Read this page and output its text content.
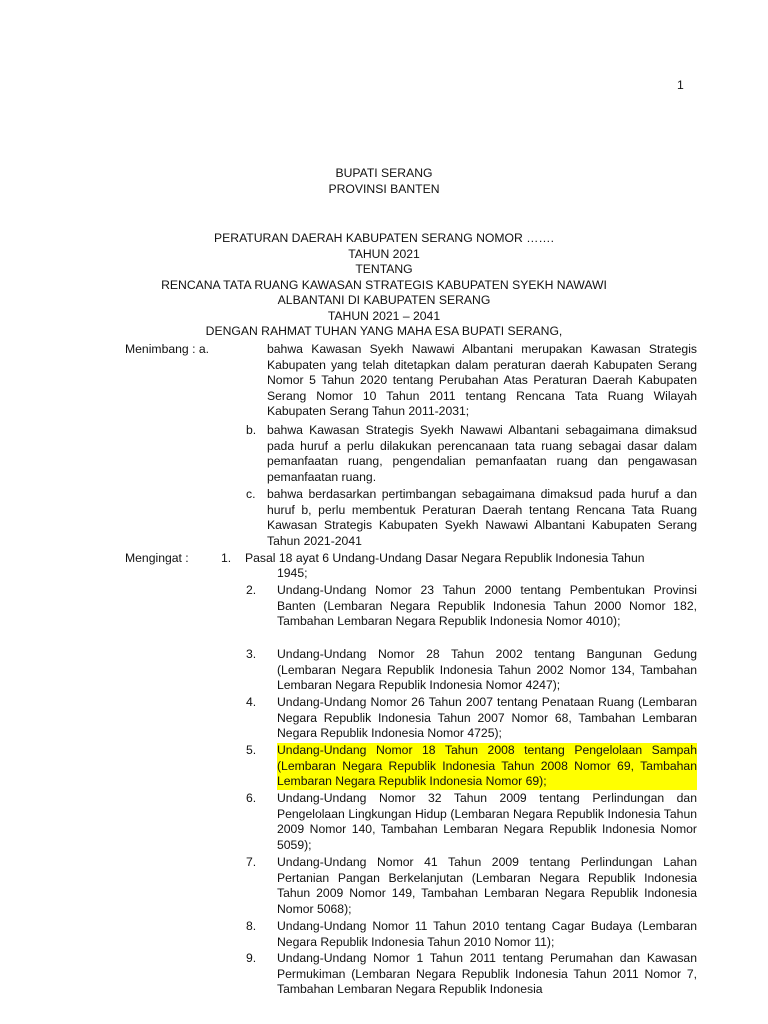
1
BUPATI SERANG
PROVINSI BANTEN
PERATURAN DAERAH KABUPATEN SERANG NOMOR …….
TAHUN 2021
TENTANG
RENCANA TATA RUANG KAWASAN STRATEGIS KABUPATEN SYEKH NAWAWI
ALBANTANI DI KABUPATEN SERANG
TAHUN 2021 – 2041
DENGAN RAHMAT TUHAN YANG MAHA ESA BUPATI SERANG,
Menimbang : a.	bahwa Kawasan Syekh Nawawi Albantani merupakan Kawasan Strategis Kabupaten yang telah ditetapkan dalam peraturan daerah Kabupaten Serang Nomor 5 Tahun 2020 tentang Perubahan Atas Peraturan Daerah Kabupaten Serang Nomor 10 Tahun 2011 tentang Rencana Tata Ruang Wilayah Kabupaten Serang Tahun 2011-2031;
b. bahwa Kawasan Strategis Syekh Nawawi Albantani sebagaimana dimaksud pada huruf a perlu dilakukan perencanaan tata ruang sebagai dasar dalam pemanfaatan ruang, pengendalian pemanfaatan ruang dan pengawasan pemanfaatan ruang.
c. bahwa berdasarkan pertimbangan sebagaimana dimaksud pada huruf a dan huruf b, perlu membentuk Peraturan Daerah tentang Rencana Tata Ruang Kawasan Strategis Kabupaten Syekh Nawawi Albantani Kabupaten Serang Tahun 2021-2041
Mengingat :	1. Pasal 18 ayat 6 Undang-Undang Dasar Negara Republik Indonesia Tahun
1945;
2. Undang-Undang Nomor 23 Tahun 2000 tentang Pembentukan Provinsi Banten (Lembaran Negara Republik Indonesia Tahun 2000 Nomor 182, Tambahan Lembaran Negara Republik Indonesia Nomor 4010);
3. Undang-Undang Nomor 28 Tahun 2002 tentang Bangunan Gedung (Lembaran Negara Republik Indonesia Tahun 2002 Nomor 134, Tambahan Lembaran Negara Republik Indonesia Nomor 4247);
4. Undang-Undang Nomor 26 Tahun 2007 tentang Penataan Ruang (Lembaran Negara Republik Indonesia Tahun 2007 Nomor 68, Tambahan Lembaran Negara Republik Indonesia Nomor 4725);
5. Undang-Undang Nomor 18 Tahun 2008 tentang Pengelolaan Sampah (Lembaran Negara Republik Indonesia Tahun 2008 Nomor 69, Tambahan Lembaran Negara Republik Indonesia Nomor 69);
6. Undang-Undang Nomor 32 Tahun 2009 tentang Perlindungan dan Pengelolaan Lingkungan Hidup (Lembaran Negara Republik Indonesia Tahun 2009 Nomor 140, Tambahan Lembaran Negara Republik Indonesia Nomor 5059);
7. Undang-Undang Nomor 41 Tahun 2009 tentang Perlindungan Lahan Pertanian Pangan Berkelanjutan (Lembaran Negara Republik Indonesia Tahun 2009 Nomor 149, Tambahan Lembaran Negara Republik Indonesia Nomor 5068);
8. Undang-Undang Nomor 11 Tahun 2010 tentang Cagar Budaya (Lembaran Negara Republik Indonesia Tahun 2010 Nomor 11);
9. Undang-Undang Nomor 1 Tahun 2011 tentang Perumahan dan Kawasan Permukiman (Lembaran Negara Republik Indonesia Tahun 2011 Nomor 7, Tambahan Lembaran Negara Republik Indonesia
